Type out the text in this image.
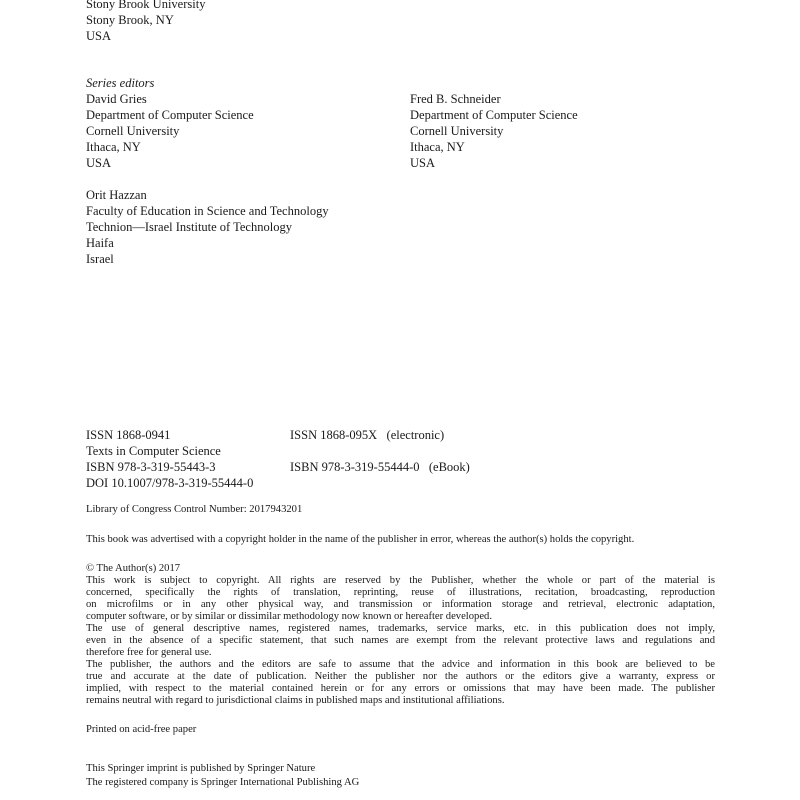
Stony Brook University
Stony Brook, NY
USA
Series editors
David Gries
Department of Computer Science
Cornell University
Ithaca, NY
USA
Fred B. Schneider
Department of Computer Science
Cornell University
Ithaca, NY
USA
Orit Hazzan
Faculty of Education in Science and Technology
Technion—Israel Institute of Technology
Haifa
Israel
ISSN 1868-0941	ISSN 1868-095X   (electronic)
Texts in Computer Science
ISBN 978-3-319-55443-3	ISBN 978-3-319-55444-0   (eBook)
DOI 10.1007/978-3-319-55444-0
Library of Congress Control Number: 2017943201
This book was advertised with a copyright holder in the name of the publisher in error, whereas the author(s) holds the copyright.
© The Author(s) 2017
This work is subject to copyright. All rights are reserved by the Publisher, whether the whole or part of the material is
concerned, specifically the rights of translation, reprinting, reuse of illustrations, recitation, broadcasting, reproduction
on microfilms or in any other physical way, and transmission or information storage and retrieval, electronic adaptation,
computer software, or by similar or dissimilar methodology now known or hereafter developed.
The use of general descriptive names, registered names, trademarks, service marks, etc. in this publication does not imply,
even in the absence of a specific statement, that such names are exempt from the relevant protective laws and regulations and
therefore free for general use.
The publisher, the authors and the editors are safe to assume that the advice and information in this book are believed to be
true and accurate at the date of publication. Neither the publisher nor the authors or the editors give a warranty, express or
implied, with respect to the material contained herein or for any errors or omissions that may have been made. The publisher
remains neutral with regard to jurisdictional claims in published maps and institutional affiliations.
Printed on acid-free paper
This Springer imprint is published by Springer Nature
The registered company is Springer International Publishing AG
